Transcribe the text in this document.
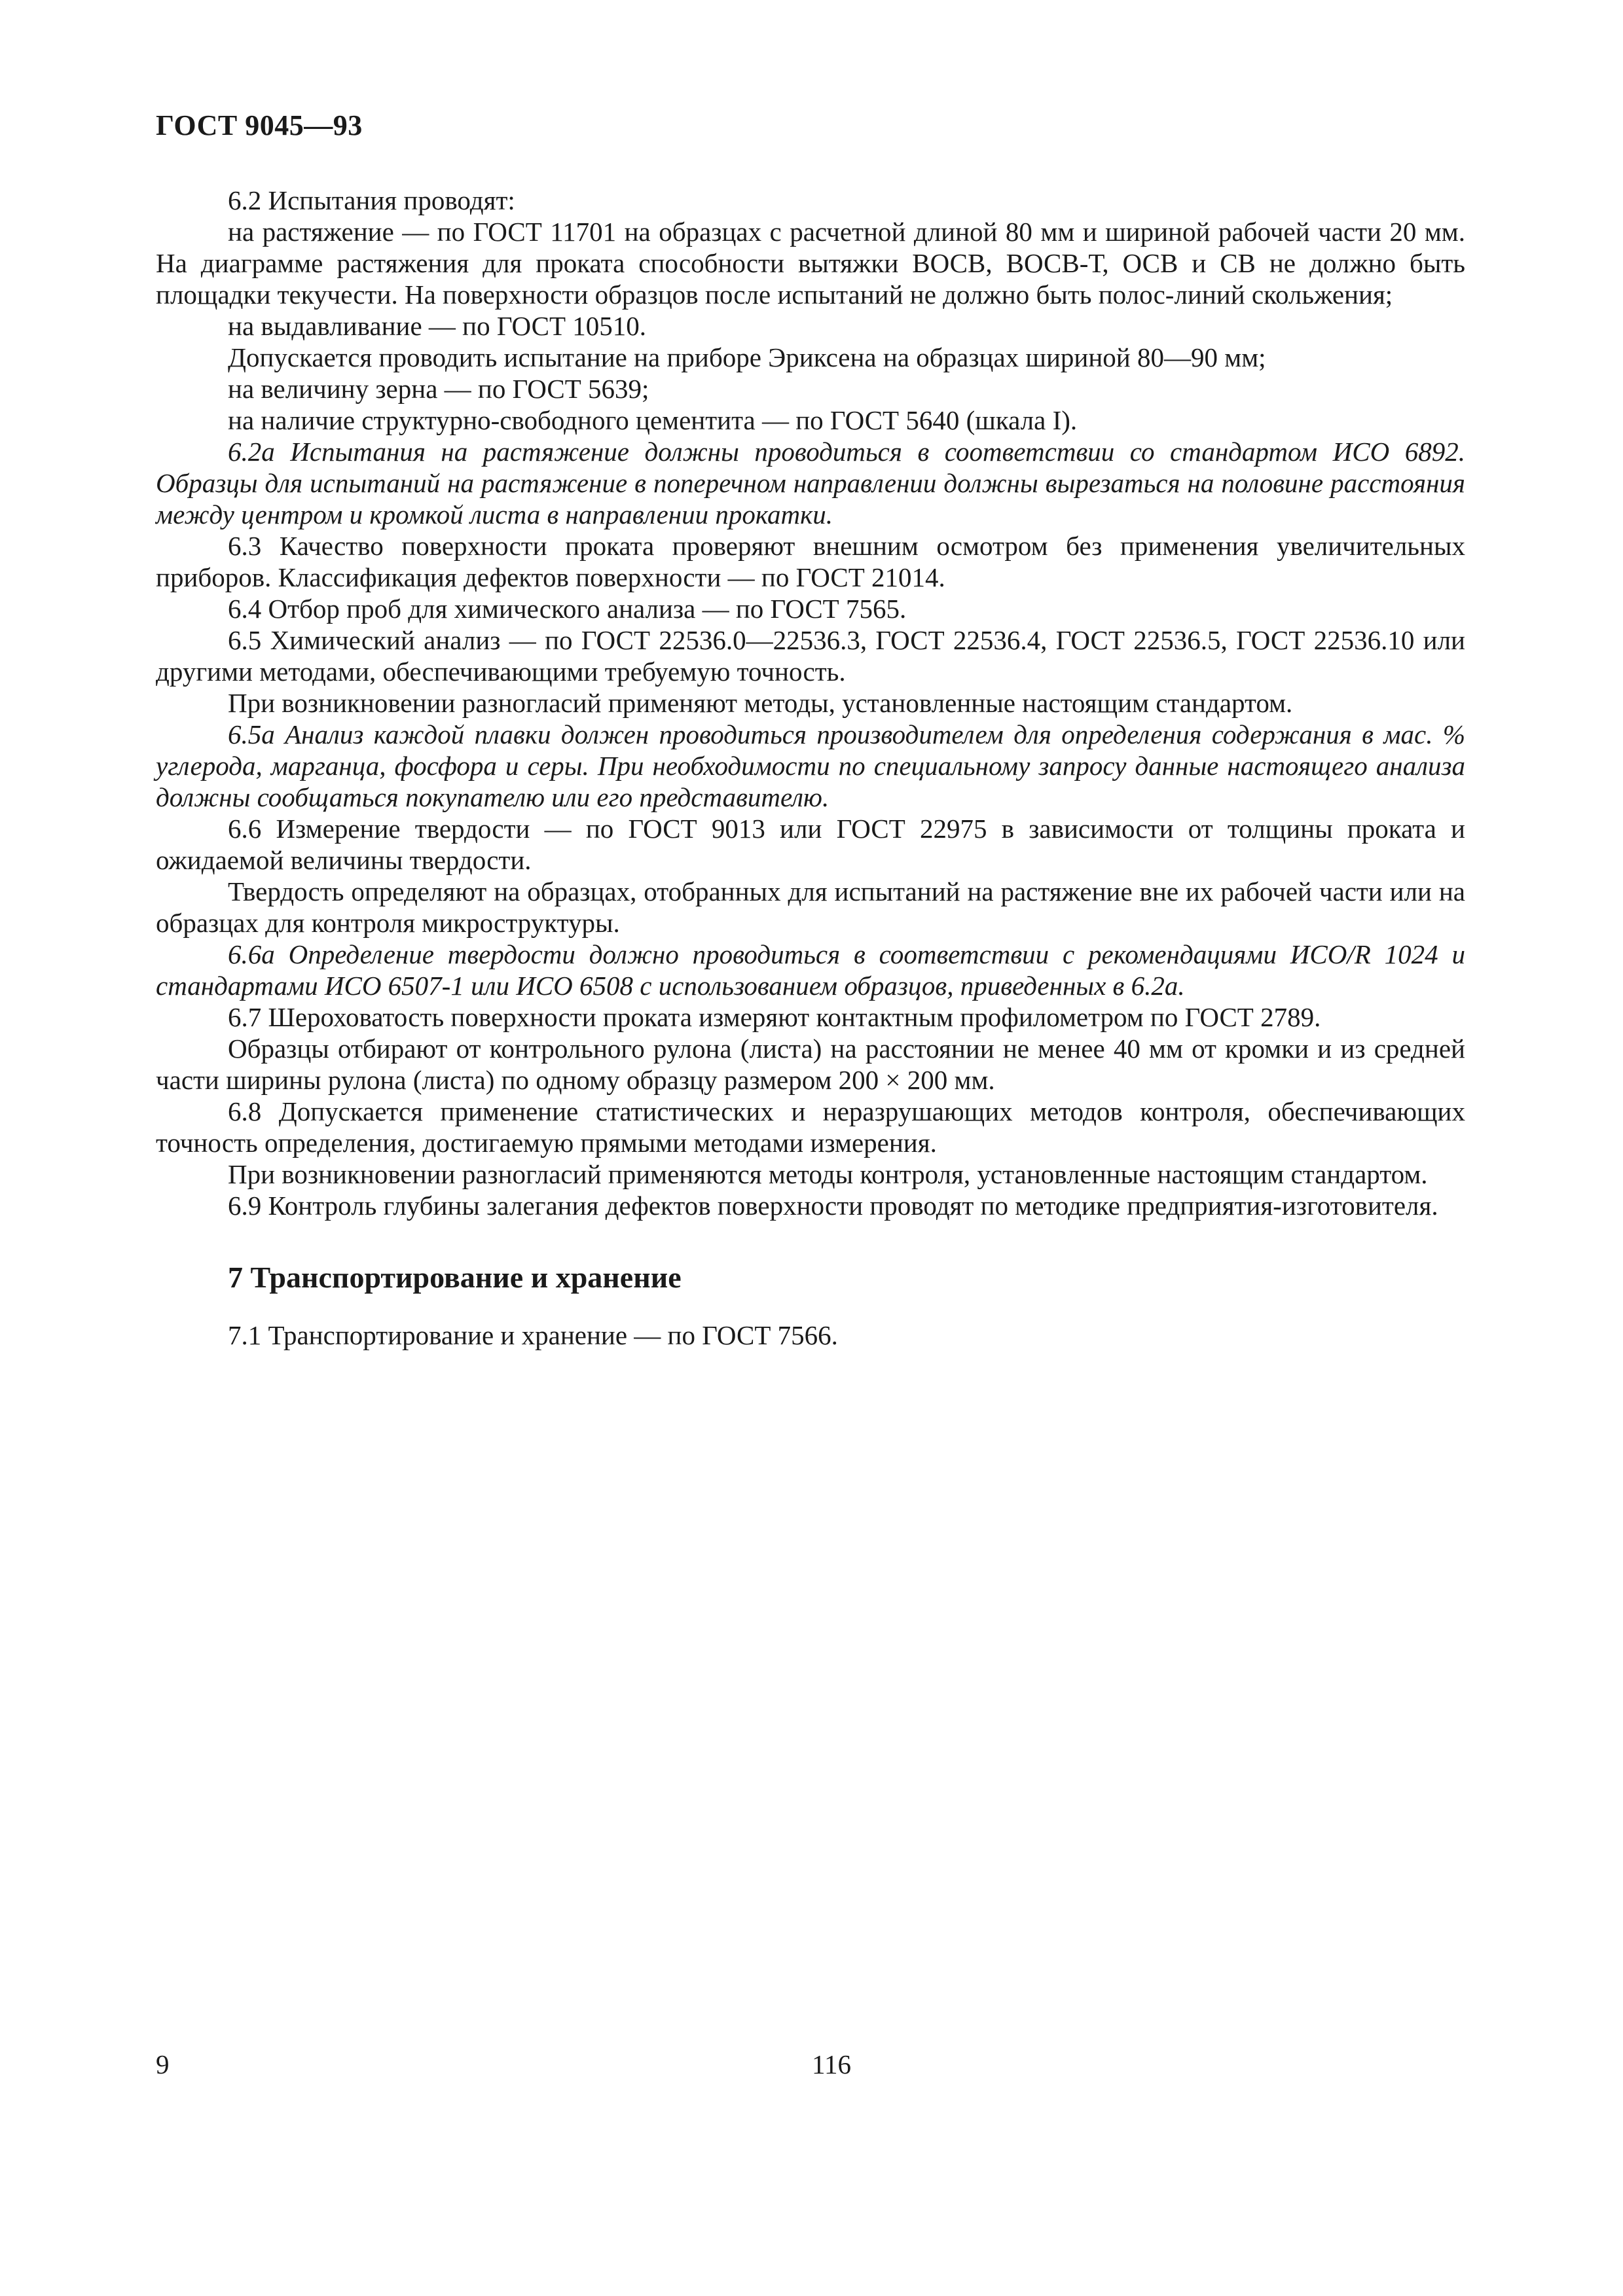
ГОСТ 9045—93

6.2 Испытания проводят:

на растяжение — по ГОСТ 11701 на образцах с расчетной длиной 80 мм и шириной рабочей части 20 мм. На диаграмме растяжения для проката способности вытяжки ВОСВ, ВОСВ-Т, ОСВ и СВ не должно быть площадки текучести. На поверхности образцов после испытаний не должно быть полос-линий скольжения;

на выдавливание — по ГОСТ 10510.

Допускается проводить испытание на приборе Эриксена на образцах шириной 80—90 мм;

на величину зерна — по ГОСТ 5639;

на наличие структурно-свободного цементита — по ГОСТ 5640 (шкала I).

6.2а Испытания на растяжение должны проводиться в соответствии со стандартом ИСО 6892. Образцы для испытаний на растяжение в поперечном направлении должны вырезаться на половине расстояния между центром и кромкой листа в направлении прокатки.

6.3 Качество поверхности проката проверяют внешним осмотром без применения увеличительных приборов. Классификация дефектов поверхности — по ГОСТ 21014.

6.4 Отбор проб для химического анализа — по ГОСТ 7565.

6.5 Химический анализ — по ГОСТ 22536.0—22536.3, ГОСТ 22536.4, ГОСТ 22536.5, ГОСТ 22536.10 или другими методами, обеспечивающими требуемую точность.

При возникновении разногласий применяют методы, установленные настоящим стандартом.

6.5а Анализ каждой плавки должен проводиться производителем для определения содержания в мас. % углерода, марганца, фосфора и серы. При необходимости по специальному запросу данные настоящего анализа должны сообщаться покупателю или его представителю.

6.6 Измерение твердости — по ГОСТ 9013 или ГОСТ 22975 в зависимости от толщины проката и ожидаемой величины твердости.

Твердость определяют на образцах, отобранных для испытаний на растяжение вне их рабочей части или на образцах для контроля микроструктуры.

6.6а Определение твердости должно проводиться в соответствии с рекомендациями ИСО/R 1024 и стандартами ИСО 6507-1 или ИСО 6508 с использованием образцов, приведенных в 6.2а.

6.7 Шероховатость поверхности проката измеряют контактным профилометром по ГОСТ 2789.

Образцы отбирают от контрольного рулона (листа) на расстоянии не менее 40 мм от кромки и из средней части ширины рулона (листа) по одному образцу размером 200 × 200 мм.

6.8 Допускается применение статистических и неразрушающих методов контроля, обеспечивающих точность определения, достигаемую прямыми методами измерения.

При возникновении разногласий применяются методы контроля, установленные настоящим стандартом.

6.9 Контроль глубины залегания дефектов поверхности проводят по методике предприятия-изготовителя.

7 Транспортирование и хранение

7.1 Транспортирование и хранение — по ГОСТ 7566.

9	116
